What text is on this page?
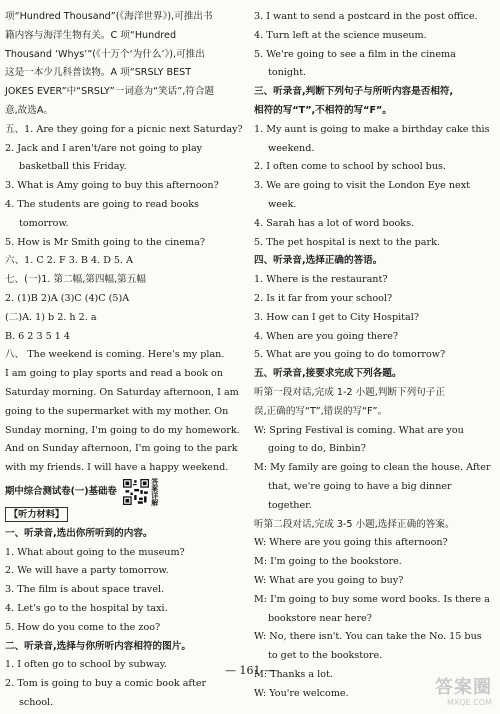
项“Hundred Thousand”(《海洋世界》),可推出书

籍内容与海洋生物有关。C 项“Hundred

Thousand ‘Whys’”(《十万个‘为什么’》),可推出

这是一本少儿科普读物。A 项“SRSLY BEST

JOKES EVER”中“SRSLY”一词意为“笑话”,符合题

意,故选A。

五、1. Are they going for a picnic next Saturday?

2. Jack and I aren't/are not going to play

basketball this Friday.

3. What is Amy going to buy this afternoon?

4. The students are going to read books

tomorrow.

5. How is Mr Smith going to the cinema?

六、1. C 2. F 3. B 4. D 5. A

七、(一)1. 第二幅,第四幅,第五幅

2. (1)B 2)A (3)C (4)C (5)A

(二)A. 1) b 2. h 2. a

B. 6 2 3 5 1 4

八、 The weekend is coming. Here's my plan.

I am going to play sports and read a book on

Saturday morning. On Saturday afternoon, I am

going to the supermarket with my mother. On

Sunday morning, I'm going to do my homework.

And on Sunday afternoon, I'm going to the park

with my friends. I will have a happy weekend.

期中综合测试卷(一)基础卷	答案详解

【听力材料】

一、听录音,选出你所听到的内容。

1. What about going to the museum?

2. We will have a party tomorrow.

3. The film is about space travel.

4. Let's go to the hospital by taxi.

5. How do you come to the zoo?

二、听录音,选择与你所听内容相符的图片。

1. I often go to school by subway.

2. Tom is going to buy a comic book after

school.

3. I want to send a postcard in the post office.

4. Turn left at the science museum.

5. We're going to see a film in the cinema

tonight.

三、听录音,判断下列句子与所听内容是否相符,

相符的写“T”,不相符的写“F”。

1. My aunt is going to make a birthday cake this

weekend.

2. I often come to school by school bus.

3. We are going to visit the London Eye next

week.

4. Sarah has a lot of word books.

5. The pet hospital is next to the park.

四、听录音,选择正确的答语。

1. Where is the restaurant?

2. Is it far from your school?

3. How can I get to City Hospital?

4. When are you going there?

5. What are you going to do tomorrow?

五、听录音,接要求完成下列各题。

听第一段对话,完成 1-2 小题,判断下列句子正

误,正确的写“T”,错误的写“F”。

W: Spring Festival is coming. What are you

going to do, Binbin?

M: My family are going to clean the house. After

that, we're going to have a big dinner

together.

听第二段对话,完成 3-5 小题,选择正确的答案。

W: Where are you going this afternoon?

M: I'm going to the bookstore.

W: What are you going to buy?

M: I'm going to buy some word books. Is there a

bookstore near here?

W: No, there isn't. You can take the No. 15 bus

to get to the bookstore.

M: Thanks a lot.

W: You're welcome.

— 161 —
答案圈
MXQE.COM
